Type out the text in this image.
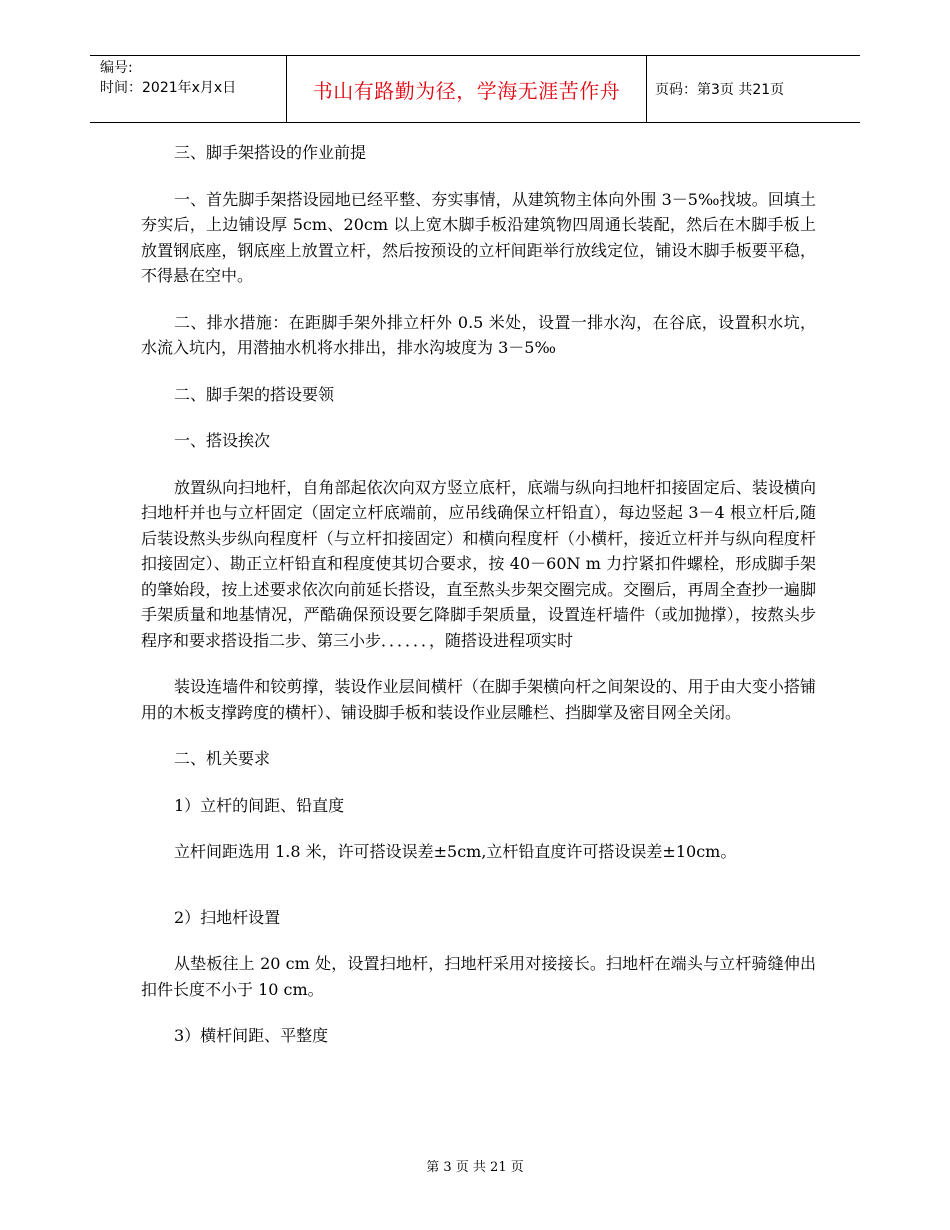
编号:
时间：2021年x月x日	书山有路勤为径，学海无涯苦作舟	页码：第3页 共21页

三、脚手架搭设的作业前提

一、首先脚手架搭设园地已经平整、夯实事情，从建筑物主体向外围 3－5‰找坡。回填土夯实后，上边铺设厚 5cm、20cm 以上宽木脚手板沿建筑物四周通长装配，然后在木脚手板上放置钢底座，钢底座上放置立杆，然后按预设的立杆间距举行放线定位，铺设木脚手板要平稳，不得悬在空中。

二、排水措施：在距脚手架外排立杆外 0.5 米处，设置一排水沟，在谷底，设置积水坑，水流入坑内，用潜抽水机将水排出，排水沟坡度为 3－5‰

二、脚手架的搭设要领

一、搭设挨次

放置纵向扫地杆，自角部起依次向双方竖立底杆，底端与纵向扫地杆扣接固定后、装设横向扫地杆并也与立杆固定（固定立杆底端前，应吊线确保立杆铅直），每边竖起 3－4 根立杆后,随后装设熬头步纵向程度杆（与立杆扣接固定）和横向程度杆（小横杆，接近立杆并与纵向程度杆扣接固定）、勘正立杆铅直和程度使其切合要求，按 40－60N m 力拧紧扣件螺栓，形成脚手架的肇始段，按上述要求依次向前延长搭设，直至熬头步架交圈完成。交圈后，再周全查抄一遍脚手架质量和地基情况，严酷确保预设要乞降脚手架质量，设置连杆墙件（或加抛撑），按熬头步程序和要求搭设指二步、第三小步．．．．．．，随搭设进程项实时

装设连墙件和铰剪撑，装设作业层间横杆（在脚手架横向杆之间架设的、用于由大变小搭铺用的木板支撑跨度的横杆）、铺设脚手板和装设作业层雕栏、挡脚掌及密目网全关闭。

二、机关要求

1）立杆的间距、铅直度

立杆间距选用 1.8 米，许可搭设误差±5cm,立杆铅直度许可搭设误差±10cm。

2）扫地杆设置

从垫板往上 20 cm 处，设置扫地杆，扫地杆采用对接接长。扫地杆在端头与立杆骑缝伸出扣件长度不小于 10 cm。

3）横杆间距、平整度

第 3 页 共 21 页
